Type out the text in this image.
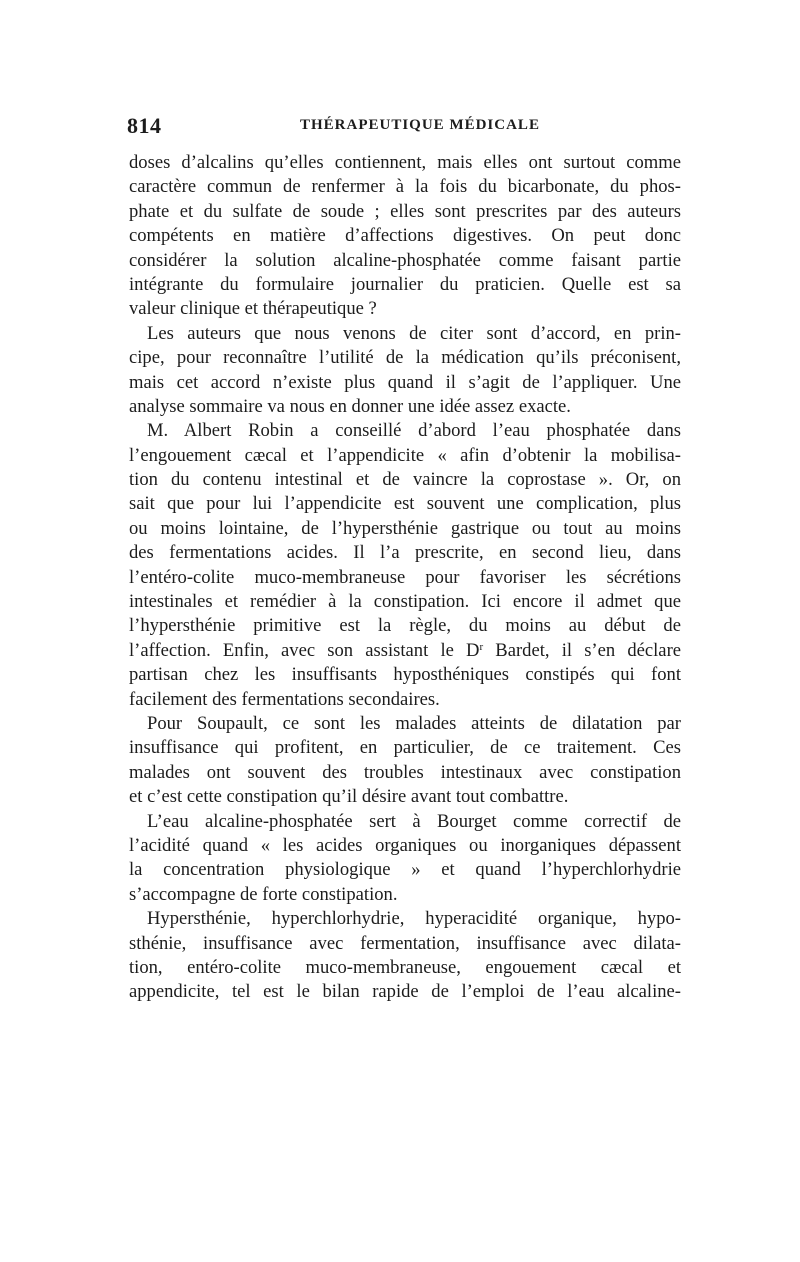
814	THÉRAPEUTIQUE MÉDICALE
doses d’alcalins qu’elles contiennent, mais elles ont surtout comme
caractère commun de renfermer à la fois du bicarbonate, du phos-
phate et du sulfate de soude ; elles sont prescrites par des auteurs
compétents en matière d’affections digestives. On peut donc
considérer la solution alcaline-phosphatée comme faisant partie
intégrante du formulaire journalier du praticien. Quelle est sa
valeur clinique et thérapeutique ?
Les auteurs que nous venons de citer sont d’accord, en prin-
cipe, pour reconnaître l’utilité de la médication qu’ils préconisent,
mais cet accord n’existe plus quand il s’agit de l’appliquer. Une
analyse sommaire va nous en donner une idée assez exacte.
M. Albert Robin a conseillé d’abord l’eau phosphatée dans
l’engouement cæcal et l’appendicite « afin d’obtenir la mobilisa-
tion du contenu intestinal et de vaincre la coprostase ». Or, on
sait que pour lui l’appendicite est souvent une complication, plus
ou moins lointaine, de l’hypersthénie gastrique ou tout au moins
des fermentations acides. Il l’a prescrite, en second lieu, dans
l’entéro-colite muco-membraneuse pour favoriser les sécrétions
intestinales et remédier à la constipation. Ici encore il admet que
l’hypersthénie primitive est la règle, du moins au début de
l’affection. Enfin, avec son assistant le $D^r$ Bardet, il s’en déclare
partisan chez les insuffisants hyposthéniques constipés qui font
facilement des fermentations secondaires.
Pour Soupault, ce sont les malades atteints de dilatation par
insuffisance qui profitent, en particulier, de ce traitement. Ces
malades ont souvent des troubles intestinaux avec constipation
et c’est cette constipation qu’il désire avant tout combattre.
L’eau alcaline-phosphatée sert à Bourget comme correctif de
l’acidité quand « les acides organiques ou inorganiques dépassent
la concentration physiologique » et quand l’hyperchlorhydrie
s’accompagne de forte constipation.
Hypersthénie, hyperchlorhydrie, hyperacidité organique, hypo-
sthénie, insuffisance avec fermentation, insuffisance avec dilata-
tion, entéro-colite muco-membraneuse, engouement cæcal et
appendicite, tel est le bilan rapide de l’emploi de l’eau alcaline-
